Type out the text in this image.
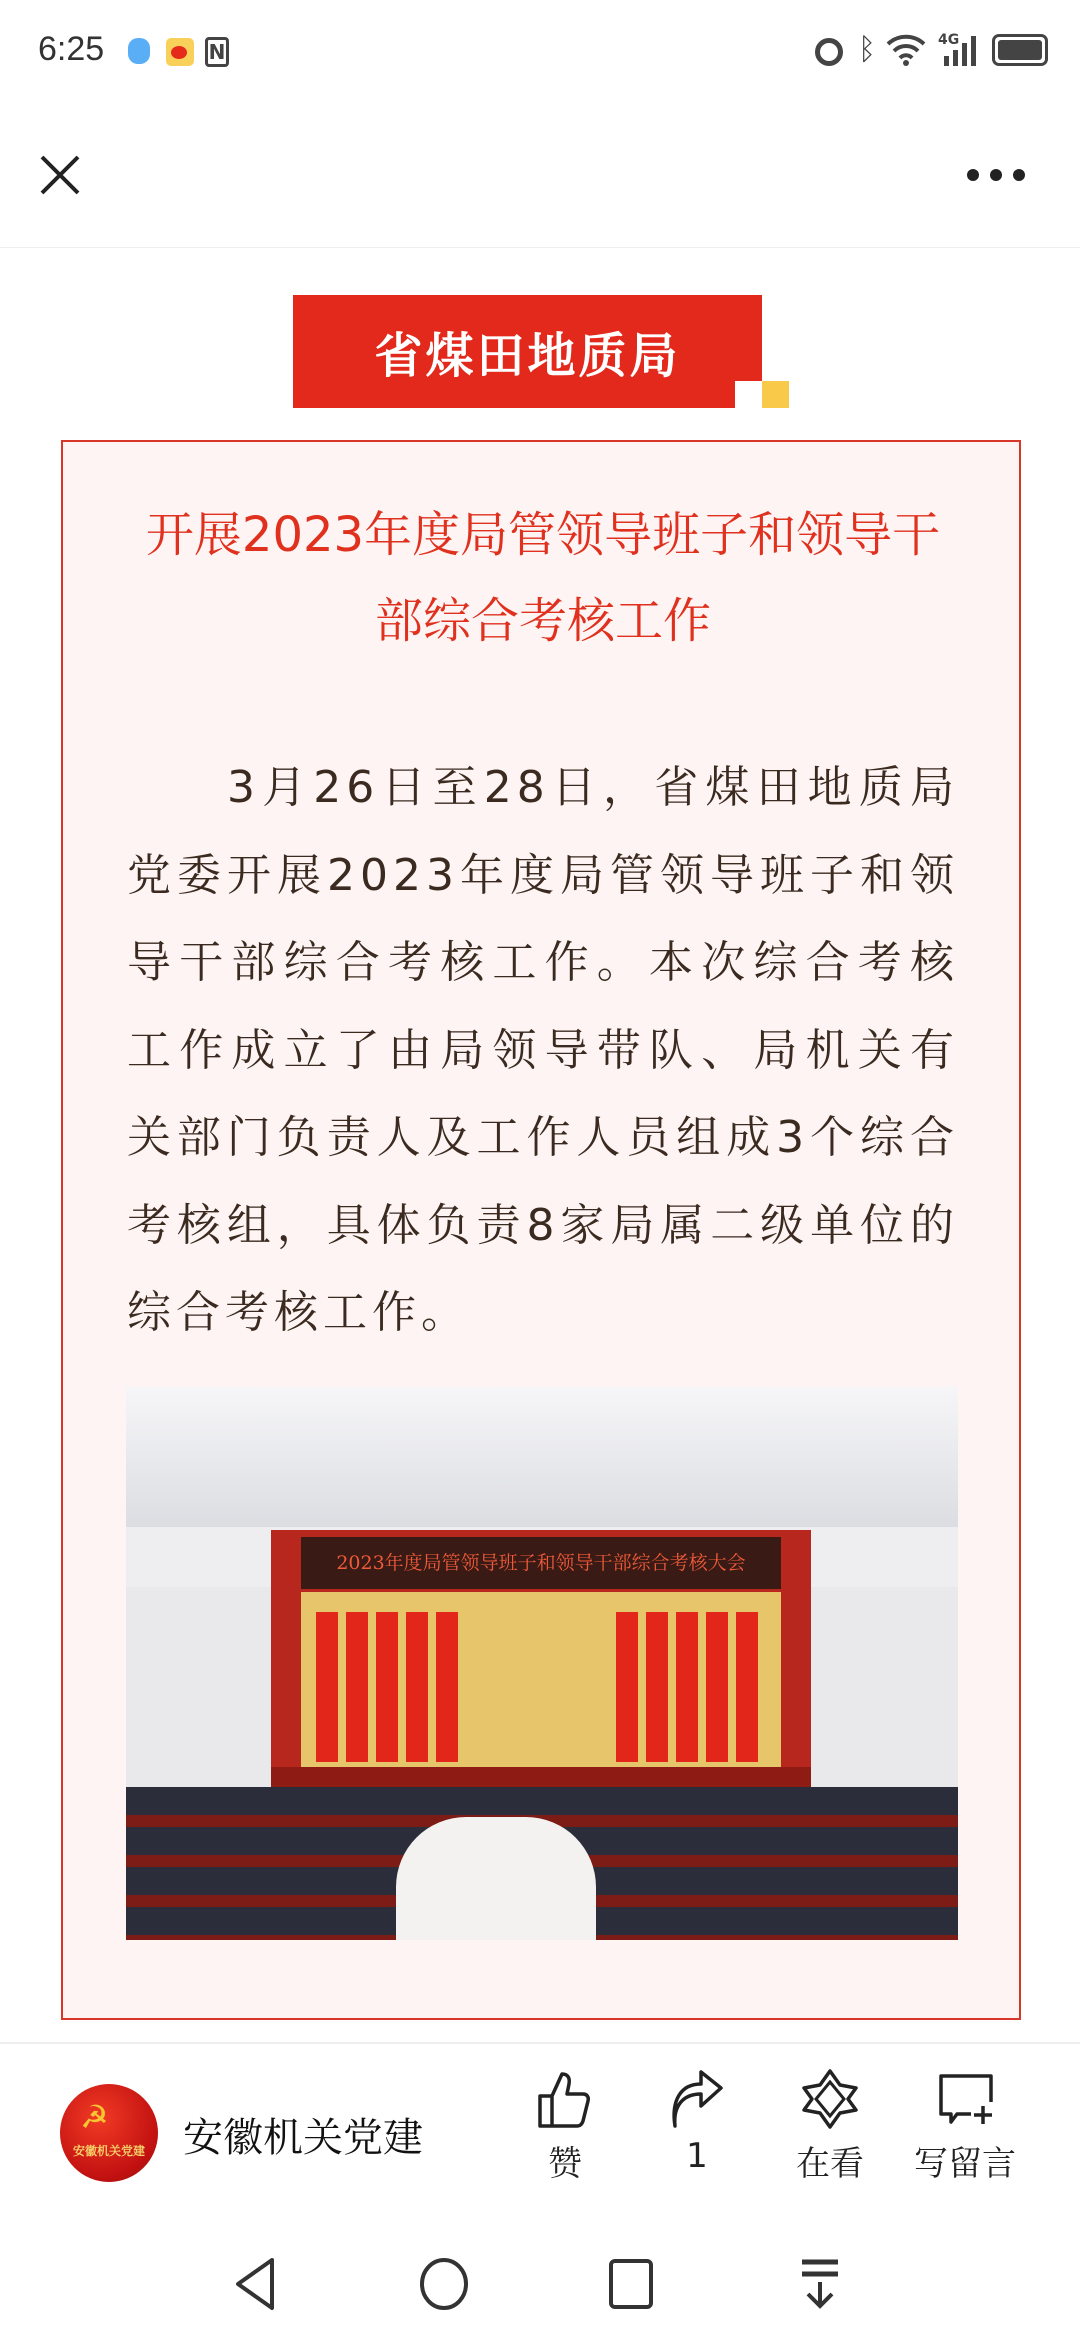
6:25	N	ᛒ	4G
省煤田地质局
开展2023年度局管领导班子和领导干部综合考核工作
3月26日至28日，省煤田地质局党委开展2023年度局管领导班子和领导干部综合考核工作。本次综合考核工作成立了由局领导带队、局机关有关部门负责人及工作人员组成3个综合考核组，具体负责8家局属二级单位的综合考核工作。
2023年度局管领导班子和领导干部综合考核大会
☭
安徽机关党建 安徽机关党建
赞	1	在看	写留言
